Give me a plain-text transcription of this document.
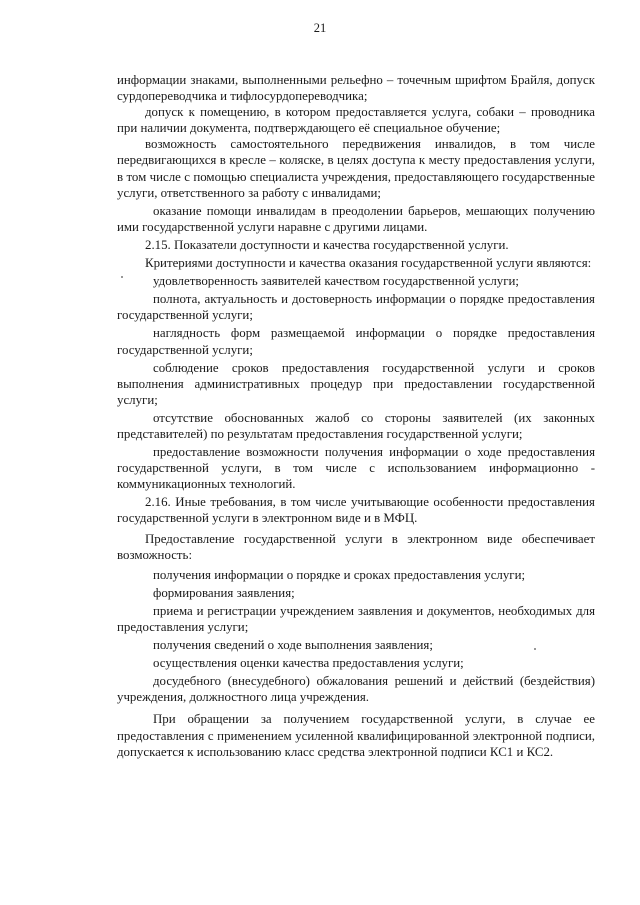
21

информации знаками, выполненными рельефно – точечным шрифтом Брайля, допуск сурдопереводчика и тифлосурдопереводчика;

допуск к помещению, в котором предоставляется услуга, собаки – проводника при наличии документа, подтверждающего её специальное обучение;

возможность самостоятельного передвижения инвалидов, в том числе передвигающихся в кресле – коляске, в целях доступа к месту предоставления услуги, в том числе с помощью специалиста учреждения, предоставляющего государственные услуги, ответственного за работу с инвалидами;

оказание помощи инвалидам в преодолении барьеров, мешающих получению ими государственной услуги наравне с другими лицами.

2.15. Показатели доступности и качества государственной услуги.

Критериями доступности и качества оказания государственной услуги являются:

удовлетворенность заявителей качеством государственной услуги;

полнота, актуальность и достоверность информации о порядке предоставления государственной услуги;

наглядность форм размещаемой информации о порядке предоставления государственной услуги;

соблюдение сроков предоставления государственной услуги и сроков выполнения административных процедур при предоставлении государственной услуги;

отсутствие обоснованных жалоб со стороны заявителей (их законных представителей) по результатам предоставления государственной услуги;

предоставление возможности получения информации о ходе предоставления государственной услуги, в том числе с использованием информационно - коммуникационных технологий.

2.16. Иные требования, в том числе учитывающие особенности предоставления государственной услуги в электронном виде и в МФЦ.

Предоставление государственной услуги в электронном виде обеспечивает возможность:

получения информации о порядке и сроках предоставления услуги;

формирования заявления;

приема и регистрации учреждением заявления и документов, необходимых для предоставления услуги;

получения сведений о ходе выполнения заявления;

осуществления оценки качества предоставления услуги;

досудебного (внесудебного) обжалования решений и действий (бездействия) учреждения, должностного лица учреждения.

При обращении за получением государственной услуги, в случае ее предоставления с применением усиленной квалифицированной электронной подписи, допускается к использованию класс средства электронной подписи КС1 и КС2.
